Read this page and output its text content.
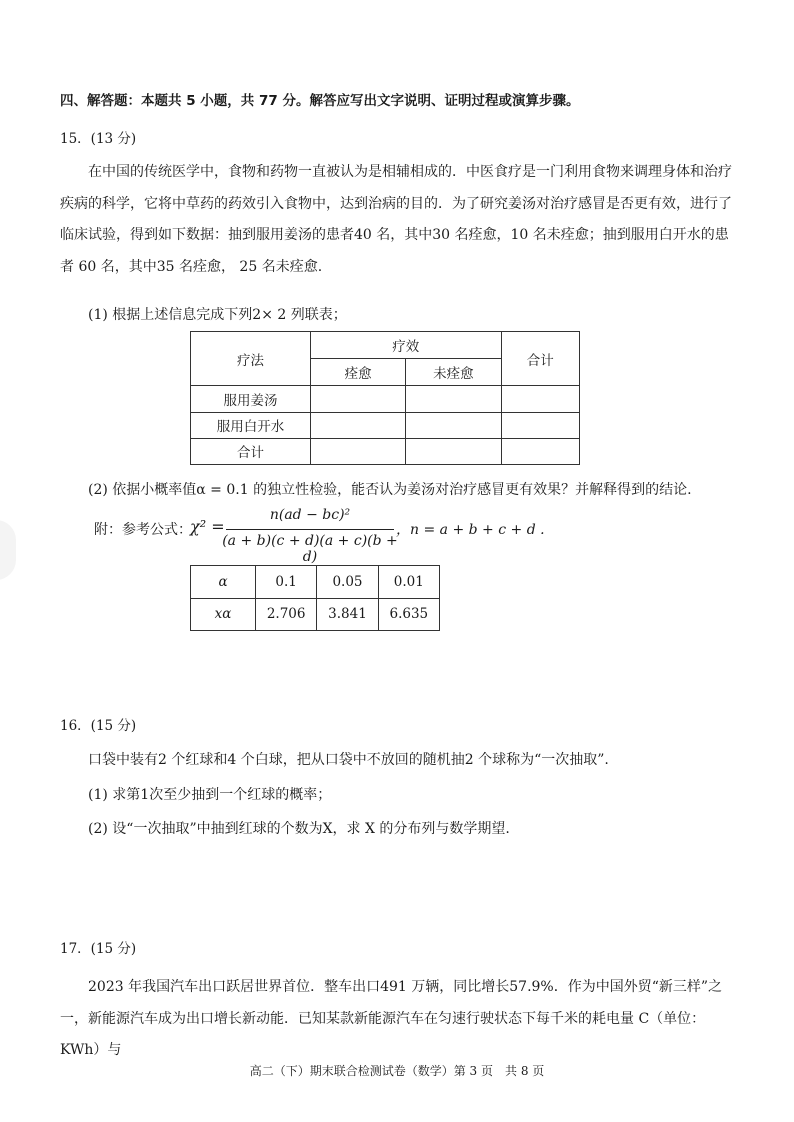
四、解答题：本题共 5 小题，共 77 分。解答应写出文字说明、证明过程或演算步骤。
15．(13 分)
在中国的传统医学中，食物和药物一直被认为是相辅相成的．中医食疗是一门利用食物来调理身体和治疗疾病的科学，它将中草药的药效引入食物中，达到治病的目的．为了研究姜汤对治疗感冒是否更有效，进行了临床试验，得到如下数据：抽到服用姜汤的患者40 名，其中30 名痊愈，10 名未痊愈；抽到服用白开水的患者 60 名，其中35 名痊愈， 25 名未痊愈.
(1) 根据上述信息完成下列2× 2 列联表；
疗法	疗效		合计
	痊愈	未痊愈	
服用姜汤			
服用白开水			
合计			
(2) 依据小概率值α = 0.1 的独立性检验，能否认为姜汤对治疗感冒更有效果？并解释得到的结论.
附：参考公式：
χ² =
n(ad − bc)²
(a + b)(c + d)(a + c)(b + d)
，n = a + b + c + d .
α	0.1	0.05	0.01
xα	2.706	3.841	6.635
16．(15 分)
口袋中装有2 个红球和4 个白球，把从口袋中不放回的随机抽2 个球称为“一次抽取”.
(1) 求第1次至少抽到一个红球的概率；
(2) 设“一次抽取”中抽到红球的个数为X，求 X 的分布列与数学期望.
17．(15 分)
2023 年我国汽车出口跃居世界首位．整车出口491 万辆，同比增长57.9%．作为中国外贸“新三样”之一，新能源汽车成为出口增长新动能．已知某款新能源汽车在匀速行驶状态下每千米的耗电量 C（单位：KWh）与
高二（下）期末联合检测试卷（数学）第 3 页　共 8 页
